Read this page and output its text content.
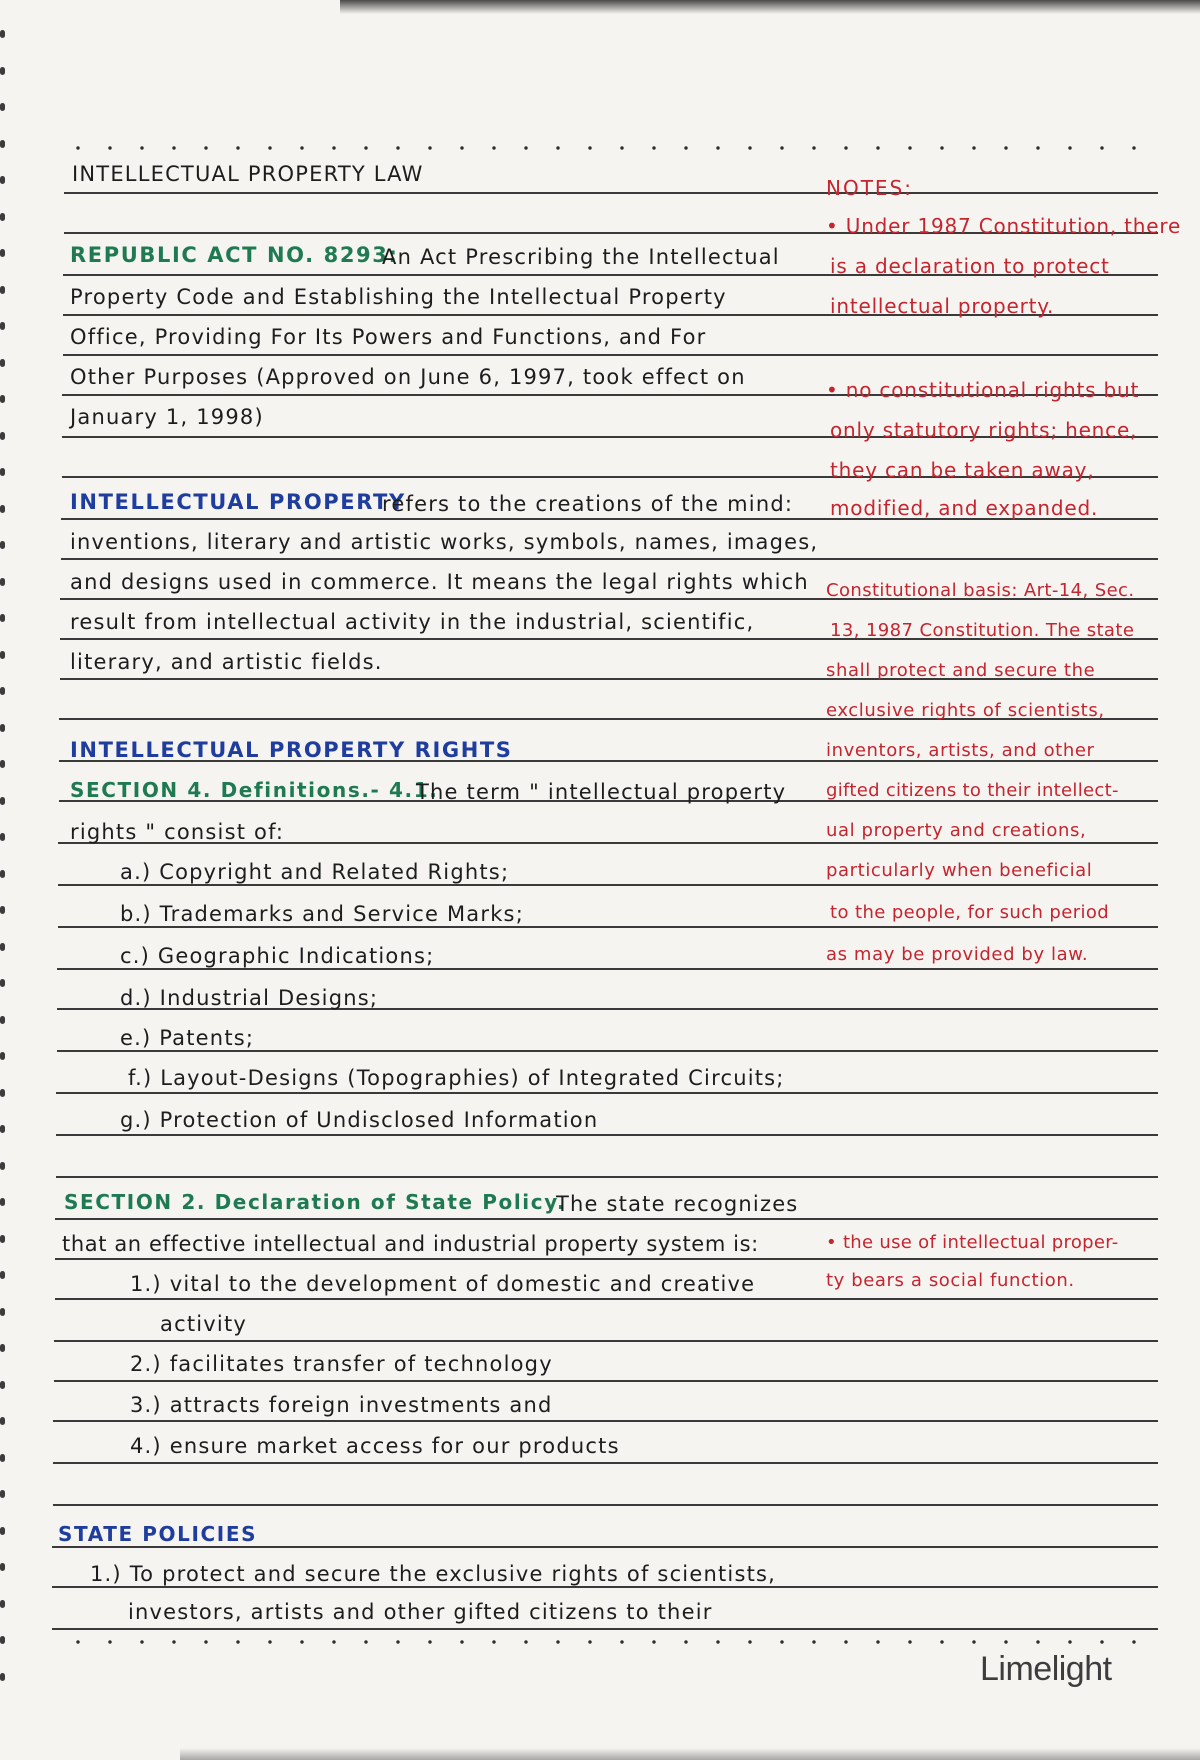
INTELLECTUAL PROPERTY LAW
REPUBLIC ACT NO. 8293:
An Act Prescribing the Intellectual
Property Code and Establishing the Intellectual Property
Office, Providing For Its Powers and Functions, and For
Other Purposes (Approved on June 6, 1997, took effect on
January 1, 1998)
INTELLECTUAL PROPERTY
refers to the creations of the mind:
inventions, literary and artistic works, symbols, names, images,
and designs used in commerce. It means the legal rights which
result from intellectual activity in the industrial, scientific,
literary, and artistic fields.
INTELLECTUAL PROPERTY RIGHTS
SECTION 4. Definitions.- 4.1.
The term " intellectual property
rights " consist of:
a.) Copyright and Related Rights;
b.) Trademarks and Service Marks;
c.) Geographic Indications;
d.) Industrial Designs;
e.) Patents;
f.) Layout-Designs (Topographies) of Integrated Circuits;
g.) Protection of Undisclosed Information
SECTION 2. Declaration of State Policy.
The state recognizes
that an effective intellectual and industrial property system is:
1.) vital to the development of domestic and creative
activity
2.) facilitates transfer of technology
3.) attracts foreign investments and
4.) ensure market access for our products
STATE POLICIES
1.) To protect and secure the exclusive rights of scientists,
investors, artists and other gifted citizens to their
NOTES:
• Under 1987 Constitution, there
is a declaration to protect
intellectual property.
• no constitutional rights but
only statutory rights; hence,
they can be taken away,
modified, and expanded.
Constitutional basis: Art-14, Sec.
13, 1987 Constitution. The state
shall protect and secure the
exclusive rights of scientists,
inventors, artists, and other
gifted citizens to their intellect-
ual property and creations,
particularly when beneficial
to the people, for such period
as may be provided by law.
• the use of intellectual proper-
ty bears a social function.
Limelight
